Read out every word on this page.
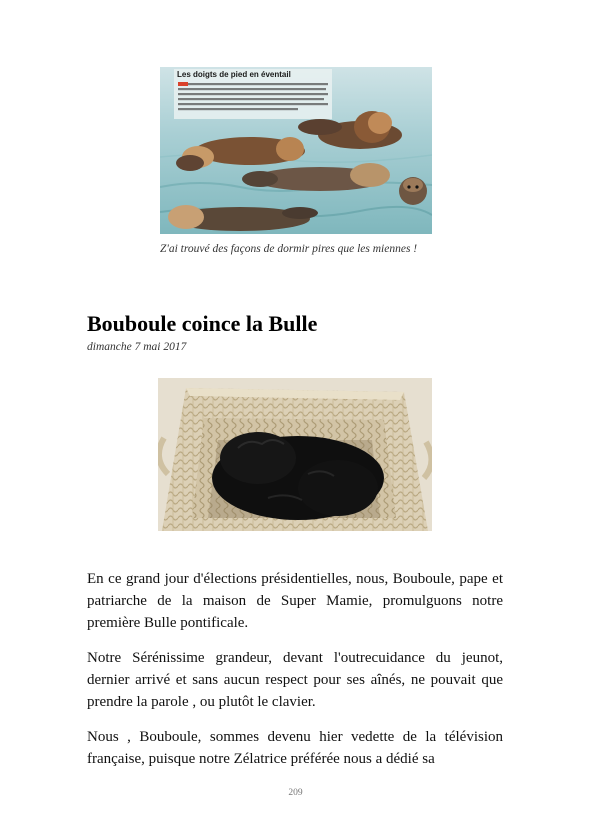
Les doigts de pied en éventail
Z'ai trouvé des façons de dormir pires que les miennes !
Bouboule coince la Bulle
dimanche 7 mai 2017

En ce grand jour d'élections présidentielles, nous, Bouboule, pape et patriarche de la maison de Super Mamie, promulguons notre première Bulle pontificale.

Notre Sérénissime grandeur, devant l'outrecuidance du jeunot, dernier arrivé et sans aucun respect pour ses aînés, ne pouvait que prendre la parole , ou plutôt le clavier.

Nous , Bouboule, sommes devenu hier vedette de la télévision française, puisque notre Zélatrice préférée nous a dédié sa

209
